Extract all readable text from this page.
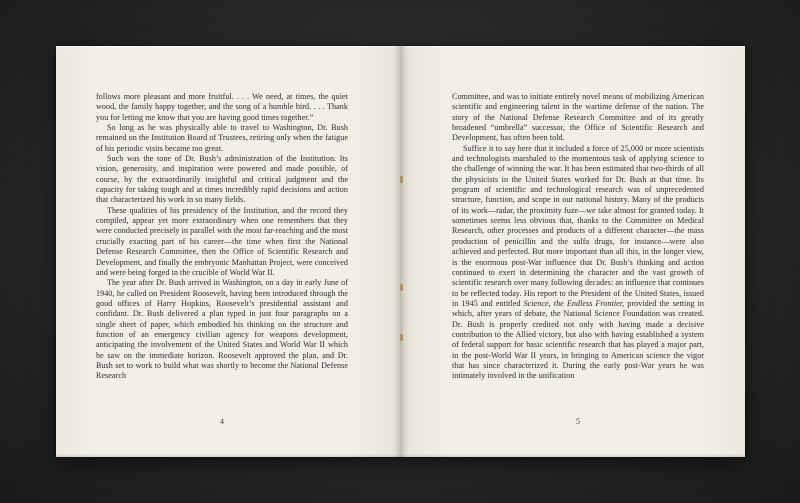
follows more pleasant and more fruitful. . . . We need, at times, the quiet wood, the family happy together, and the song of a humble bird. . . . Thank you for letting me know that you are having good times together.”

So long as he was physically able to travel to Washington, Dr. Bush remained on the Institution Board of Trustees, retiring only when the fatigue of his periodic visits became too great.

Such was the tone of Dr. Bush’s administration of the Institution. Its vision, generosity, and inspiration were powered and made possible, of course, by the extraordinarily insightful and critical judgment and the capacity for taking tough and at times incredibly rapid decisions and action that characterized his work in so many fields.

These qualities of his presidency of the Institution, and the record they compiled, appear yet more extraordinary when one remembers that they were conducted precisely in parallel with the most far-reaching and the most crucially exacting part of his career—the time when first the National Defense Research Committee, then the Office of Scientific Research and Development, and finally the embryonic Manhattan Project, were conceived and were being forged in the crucible of World War II.

The year after Dr. Bush arrived in Washington, on a day in early June of 1940, he called on President Roosevelt, having been introduced through the good offices of Harry Hopkins, Roosevelt’s presidential assistant and confidant. Dr. Bush delivered a plan typed in just four paragraphs on a single sheet of paper, which embodied his thinking on the structure and function of an emergency civilian agency for weapons development, anticipating the involvement of the United States and World War II which he saw on the immediate horizon. Roosevelt approved the plan, and Dr. Bush set to work to build what was shortly to become the National Defense Research

4

Committee, and was to initiate entirely novel means of mobilizing American scientific and engineering talent in the wartime defense of the nation. The story of the National Defense Research Committee and of its greatly broadened “umbrella” successor, the Office of Scientific Research and Development, has often been told.

Suffice it to say here that it included a force of 25,000 or more scientists and technologists marshaled to the momentous task of applying science to the challenge of winning the war. It has been estimated that two-thirds of all the physicists in the United States worked for Dr. Bush at that time. Its program of scientific and technological research was of unprecedented structure, function, and scope in our national history. Many of the products of its work—radar, the proximity fuze—we take almost for granted today. It sometimes seems less obvious that, thanks to the Committee on Medical Research, other processes and products of a different character—the mass production of penicillin and the sulfa drugs, for instance—were also achieved and perfected. But more important than all this, in the longer view, is the enormous post-War influence that Dr. Bush’s thinking and action continued to exert in determining the character and the vast growth of scientific research over many following decades: an influence that continues to be reflected today. His report to the President of the United States, issued in 1945 and entitled Science, the Endless Frontier, provided the setting in which, after years of debate, the National Science Foundation was created. Dr. Bush is properly credited not only with having made a decisive contribution to the Allied victory, but also with having established a system of federal support for basic scientific research that has played a major part, in the post-World War II years, in bringing to American science the vigor that has since characterized it. During the early post-War years he was intimately involved in the unification

5
